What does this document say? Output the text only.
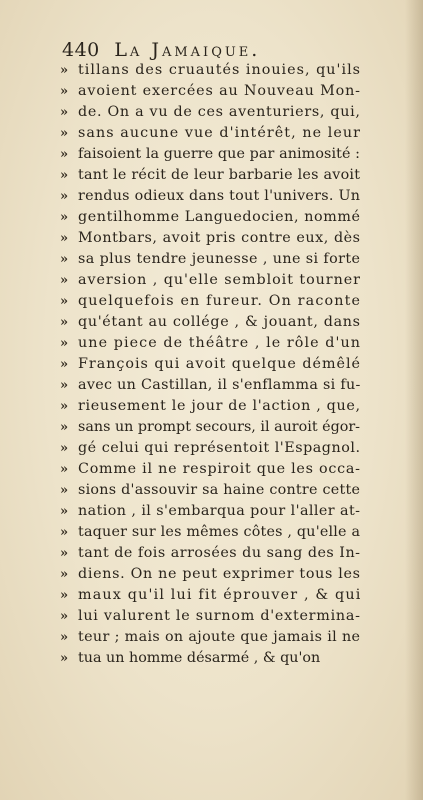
440 La Jamaique.
» tillans des cruautés inouies, qu'ils
» avoient exercées au Nouveau Mon-
» de. On a vu de ces aventuriers, qui,
» sans aucune vue d'intérêt, ne leur
» faisoient la guerre que par animosité :
» tant le récit de leur barbarie les avoit
» rendus odieux dans tout l'univers. Un
» gentilhomme Languedocien, nommé
» Montbars, avoit pris contre eux, dès
» sa plus tendre jeunesse , une si forte
» aversion , qu'elle sembloit tourner
» quelquefois en fureur. On raconte
» qu'étant au collége , & jouant, dans
» une piece de théâtre , le rôle d'un
» François qui avoit quelque démêlé
» avec un Castillan, il s'enflamma si fu-
» rieusement le jour de l'action , que,
» sans un prompt secours, il auroit égor-
» gé celui qui représentoit l'Espagnol.
» Comme il ne respiroit que les occa-
» sions d'assouvir sa haine contre cette
» nation , il s'embarqua pour l'aller at-
» taquer sur les mêmes côtes , qu'elle a
» tant de fois arrosées du sang des In-
» diens. On ne peut exprimer tous les
» maux qu'il lui fit éprouver , & qui
» lui valurent le surnom d'extermina-
» teur ; mais on ajoute que jamais il ne
» tua un homme désarmé , & qu'on
